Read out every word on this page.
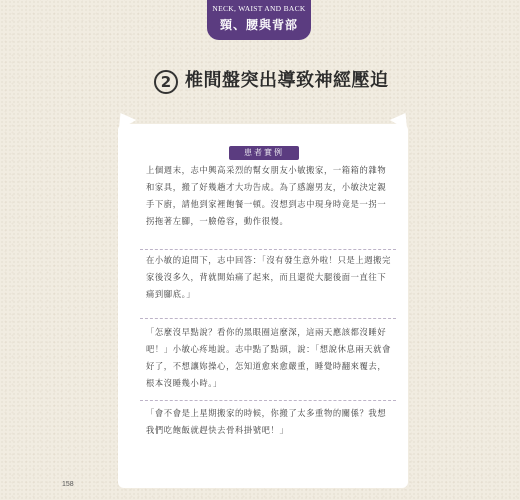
NECK, WAIST AND BACK
頸、腰與背部
2 椎間盤突出導致神經壓迫
患者實例

上個週末，志中興高采烈的幫女朋友小敏搬家，一箱箱的雜物和家具，搬了好幾趟才大功告成。為了感謝男友，小敏決定親手下廚，請他到家裡飽餐一頓。沒想到志中現身時竟是一拐一拐拖著左腳，一臉倦容，動作很慢。

在小敏的追問下，志中回答：「沒有發生意外啦！只是上週搬完家後沒多久，背就開始痛了起來，而且還從大腿後面一直往下痛到腳底。」

「怎麼沒早點說？看你的黑眼圈這麼深，這兩天應該都沒睡好吧！」小敏心疼地說。志中點了點頭，說：「想說休息兩天就會好了，不想讓妳操心，怎知道愈來愈嚴重，睡覺時翻來覆去，根本沒睡幾小時。」

「會不會是上星期搬家的時候，你搬了太多重物的關係？我想我們吃飽飯就趕快去骨科掛號吧！」

158
